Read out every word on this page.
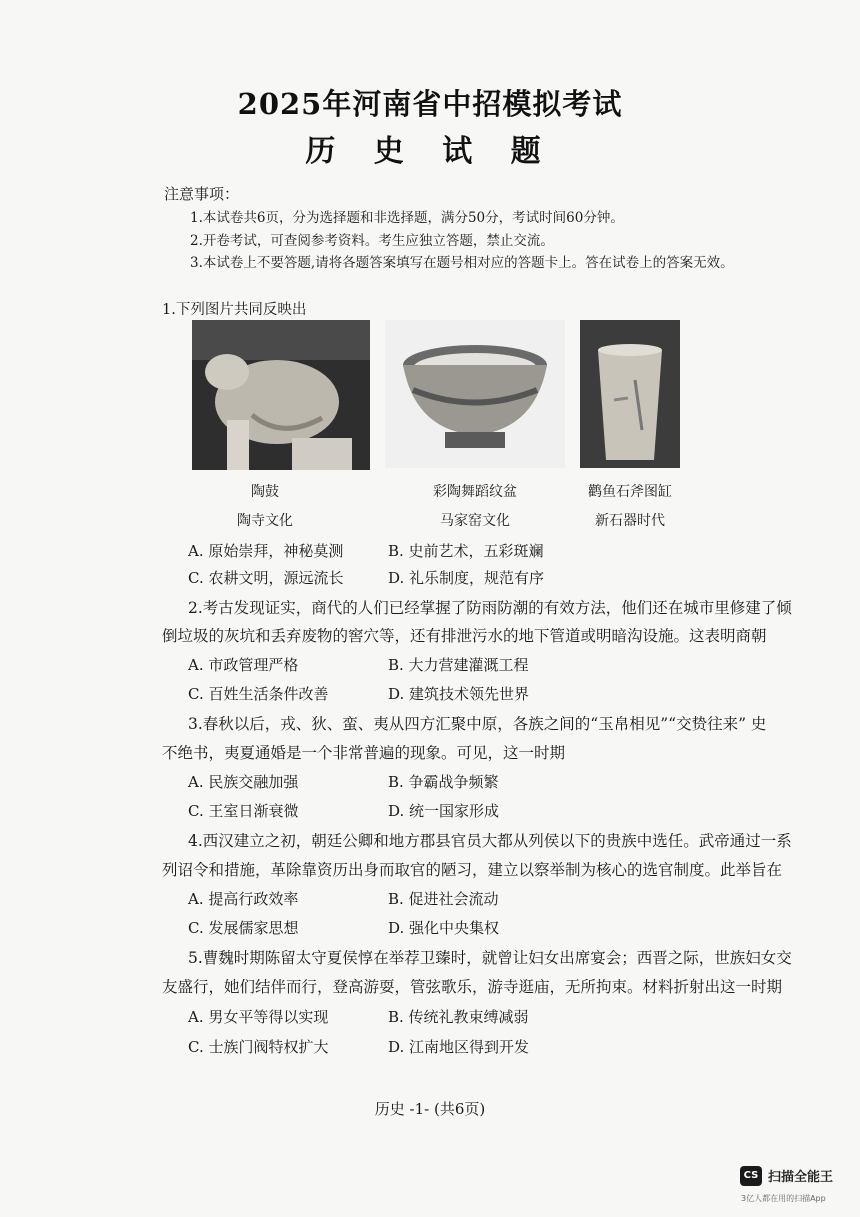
2025年河南省中招模拟考试
历 史 试 题
注意事项：
1.本试卷共6页，分为选择题和非选择题，满分50分，考试时间60分钟。
2.开卷考试，可查阅参考资料。考生应独立答题，禁止交流。
3.本试卷上不要答题,请将各题答案填写在题号相对应的答题卡上。答在试卷上的答案无效。
1.下列图片共同反映出
陶鼓	彩陶舞蹈纹盆	鹳鱼石斧图缸
陶寺文化	马家窑文化	新石器时代
A. 原始崇拜，神秘莫测	B. 史前艺术，五彩斑斓
C. 农耕文明，源远流长	D. 礼乐制度，规范有序
2.考古发现证实，商代的人们已经掌握了防雨防潮的有效方法，他们还在城市里修建了倾
倒垃圾的灰坑和丢弃废物的窖穴等，还有排泄污水的地下管道或明暗沟设施。这表明商朝
A. 市政管理严格	B. 大力营建灌溉工程
C. 百姓生活条件改善	D. 建筑技术领先世界
3.春秋以后，戎、狄、蛮、夷从四方汇聚中原，各族之间的“玉帛相见”“交贽往来” 史
不绝书，夷夏通婚是一个非常普遍的现象。可见，这一时期
A. 民族交融加强	B. 争霸战争频繁
C. 王室日渐衰微	D. 统一国家形成
4.西汉建立之初，朝廷公卿和地方郡县官员大都从列侯以下的贵族中选任。武帝通过一系
列诏令和措施，革除靠资历出身而取官的陋习，建立以察举制为核心的选官制度。此举旨在
A. 提高行政效率	B. 促进社会流动
C. 发展儒家思想	D. 强化中央集权
5.曹魏时期陈留太守夏侯惇在举荐卫臻时，就曾让妇女出席宴会；西晋之际，世族妇女交
友盛行，她们结伴而行，登高游耍，管弦歌乐，游寺逛庙，无所拘束。材料折射出这一时期
A. 男女平等得以实现	B. 传统礼教束缚减弱
C. 士族门阀特权扩大	D. 江南地区得到开发
历史 -1- (共6页)
CS 扫描全能王
3亿人都在用的扫描App
